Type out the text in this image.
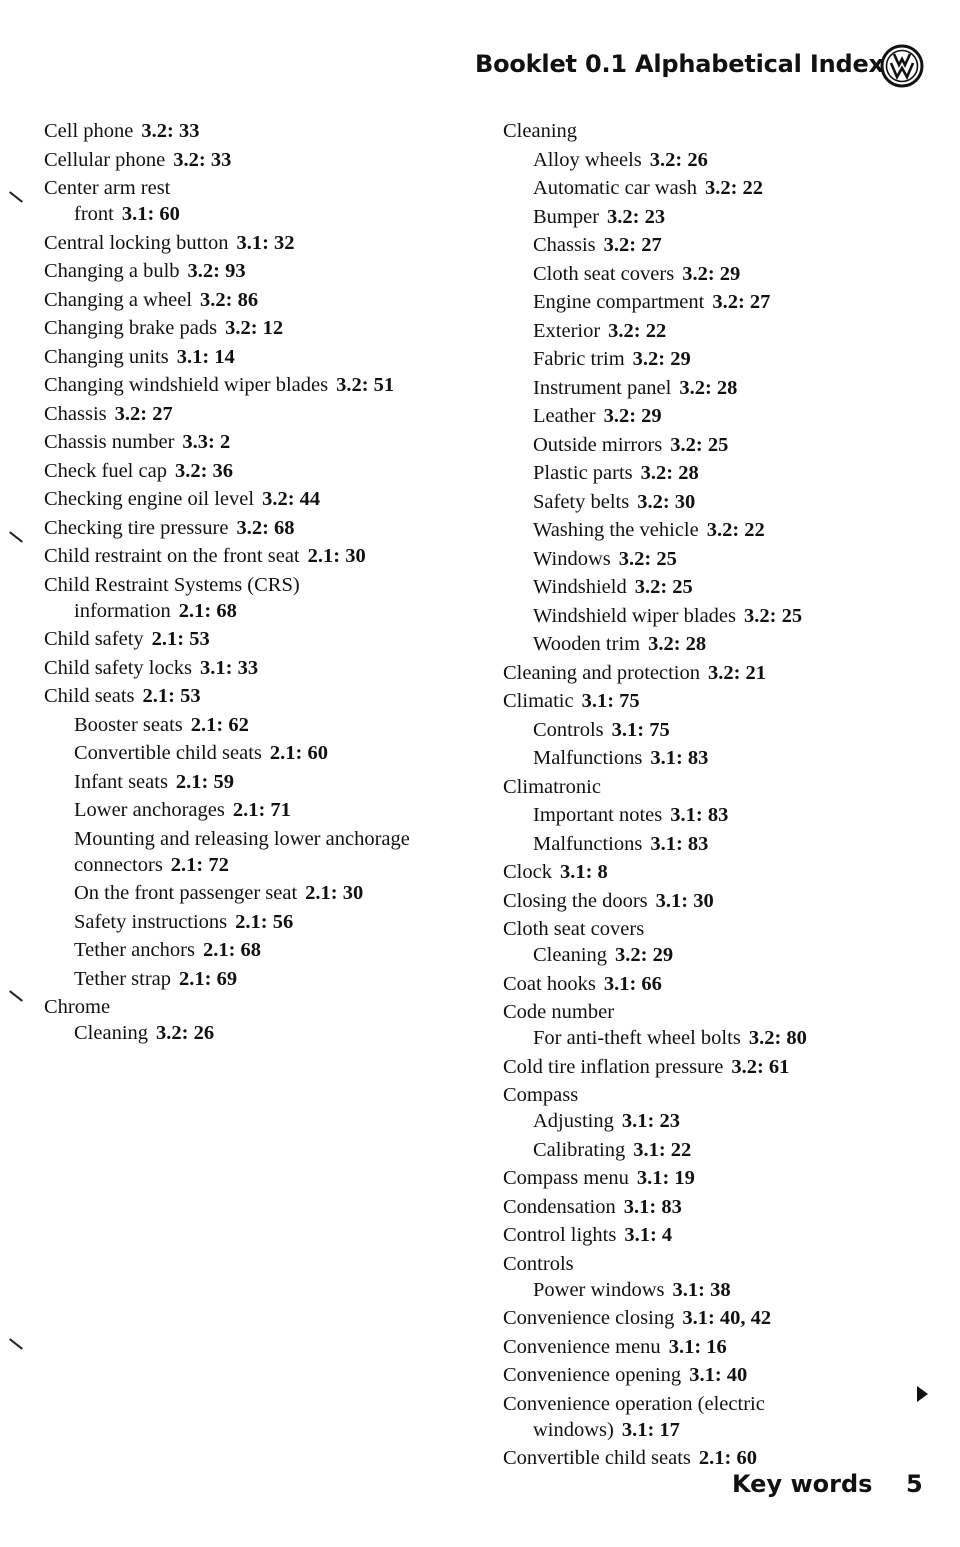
Booklet 0.1 Alphabetical Index
Cell phone 3.2: 33
Cellular phone 3.2: 33
Center arm rest
front 3.1: 60
Central locking button 3.1: 32
Changing a bulb 3.2: 93
Changing a wheel 3.2: 86
Changing brake pads 3.2: 12
Changing units 3.1: 14
Changing windshield wiper blades 3.2: 51
Chassis 3.2: 27
Chassis number 3.3: 2
Check fuel cap 3.2: 36
Checking engine oil level 3.2: 44
Checking tire pressure 3.2: 68
Child restraint on the front seat 2.1: 30
Child Restraint Systems (CRS)
information 2.1: 68
Child safety 2.1: 53
Child safety locks 3.1: 33
Child seats 2.1: 53
Booster seats 2.1: 62
Convertible child seats 2.1: 60
Infant seats 2.1: 59
Lower anchorages 2.1: 71
Mounting and releasing lower anchorage
connectors 2.1: 72
On the front passenger seat 2.1: 30
Safety instructions 2.1: 56
Tether anchors 2.1: 68
Tether strap 2.1: 69
Chrome
Cleaning 3.2: 26
Cleaning
Alloy wheels 3.2: 26
Automatic car wash 3.2: 22
Bumper 3.2: 23
Chassis 3.2: 27
Cloth seat covers 3.2: 29
Engine compartment 3.2: 27
Exterior 3.2: 22
Fabric trim 3.2: 29
Instrument panel 3.2: 28
Leather 3.2: 29
Outside mirrors 3.2: 25
Plastic parts 3.2: 28
Safety belts 3.2: 30
Washing the vehicle 3.2: 22
Windows 3.2: 25
Windshield 3.2: 25
Windshield wiper blades 3.2: 25
Wooden trim 3.2: 28
Cleaning and protection 3.2: 21
Climatic 3.1: 75
Controls 3.1: 75
Malfunctions 3.1: 83
Climatronic
Important notes 3.1: 83
Malfunctions 3.1: 83
Clock 3.1: 8
Closing the doors 3.1: 30
Cloth seat covers
Cleaning 3.2: 29
Coat hooks 3.1: 66
Code number
For anti-theft wheel bolts 3.2: 80
Cold tire inflation pressure 3.2: 61
Compass
Adjusting 3.1: 23
Calibrating 3.1: 22
Compass menu 3.1: 19
Condensation 3.1: 83
Control lights 3.1: 4
Controls
Power windows 3.1: 38
Convenience closing 3.1: 40, 42
Convenience menu 3.1: 16
Convenience opening 3.1: 40
Convenience operation (electric
windows) 3.1: 17
Convertible child seats 2.1: 60
Key words 5
